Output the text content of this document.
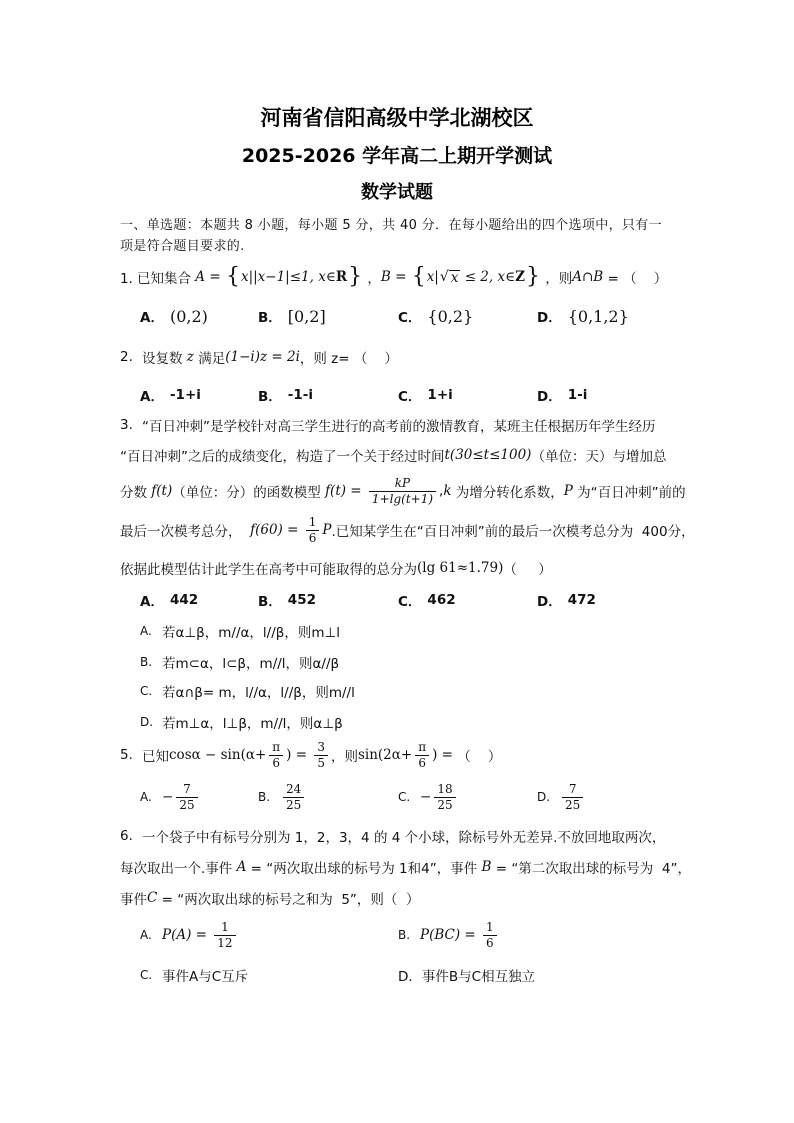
河南省信阳高级中学北湖校区
2025-2026 学年高二上期开学测试
数学试题
一、单选题：本题共 8 小题，每小题 5 分，共 40 分．在每小题给出的四个选项中，只有一
项是符合题目要求的.
1．
已知集合 A = { x||x−1|≤1, x∈ R } ， B = { x| √ x ≤ 2, x∈ Z } ，则 A∩B = （    ）
A． (0,2)	B． [0,2]	C． {0,2}	D． {0,1,2}
2. 设复数 z 满足 (1−i)z = 2i ，则 z= （    ）
A． -1+i	B． -1-i	C． 1+i	D． 1-i
3. “百日冲刺”是学校针对高三学生进行的高考前的激情教育，某班主任根据历年学生经历
“百日冲刺”之后的成绩变化，构造了一个关于经过时间 t(30≤t≤100) （单位：天）与增加总
分数 f(t) （单位：分）的函数模型 $f(t) = \frac{kP}{1+\lg(t+1)}$ , k 为增分转化系数， P 为“百日冲刺”前的
最后一次模考总分， $f(60) = \frac{1}{6}$ P .已知某学生在“百日冲刺”前的最后一次模考总分为  400分，
依据此模型估计此学生在高考中可能取得的总分为 (lg 61≈1.79) （     ）
A． 442	B． 452	C． 462	D． 472
A. 若α⊥β，m//α，l//β，则m⊥l
B. 若m⊂α，l⊂β，m//l，则α//β
C. 若α∩β= m，l//α，l//β，则m//l
D. 若m⊥α，l⊥β，m//l，则α⊥β
5. 已知 $\cos\alpha - \sin(\alpha+ \frac{\pi}{6}$ ) = $\frac{3}{5}$ ，则 $\sin(2\alpha+ \frac{\pi}{6}$ ) = （    ）
A. − $\frac{7}{25}$	B.	$\frac{24}{25}$	C. − $\frac{18}{25}$	D. $\frac{7}{25}$
6. 一个袋子中有标号分别为 1，2，3，4 的 4 个小球，除标号外无差异.不放回地取两次，
每次取出一个.事件 A = “两次取出球的标号为 1和4”，事件 B = “第二次取出球的标号为  4”，
事件 C = “两次取出球的标号之和为  5”，则（  ）
A. $P(A) = \frac{1}{12}$	B. $P(BC) = \frac{1}{6}$
C. 事件A与C互斥	D． 事件B与C相互独立
